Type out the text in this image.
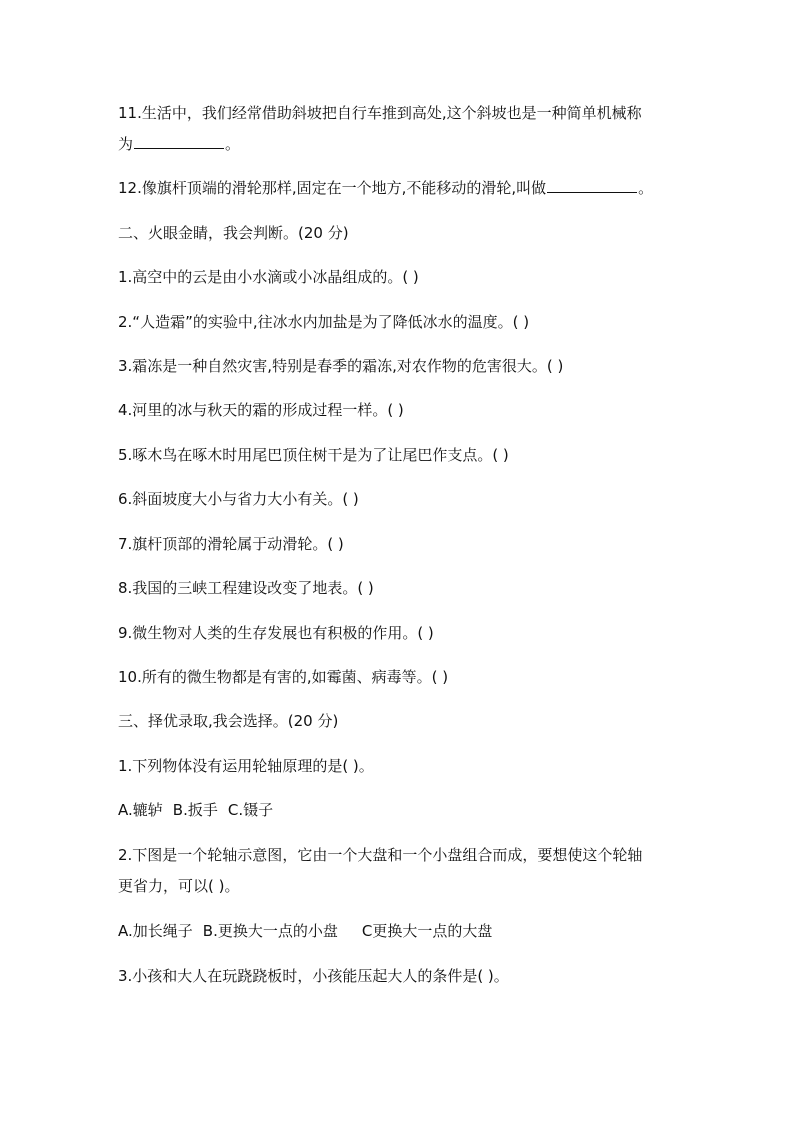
11.生活中，我们经常借助斜坡把自行车推到高处,这个斜坡也是一种简单机械称
为	。
12.像旗杆顶端的滑轮那样,固定在一个地方,不能移动的滑轮,叫做	。
二、火眼金睛，我会判断。(20 分)
1.高空中的云是由小水滴或小冰晶组成的。( )
2.“人造霜”的实验中,往冰水内加盐是为了降低冰水的温度。( )
3.霜冻是一种自然灾害,特别是春季的霜冻,对农作物的危害很大。( )
4.河里的冰与秋天的霜的形成过程一样。( )
5.啄木鸟在啄木时用尾巴顶住树干是为了让尾巴作支点。( )
6.斜面坡度大小与省力大小有关。( )
7.旗杆顶部的滑轮属于动滑轮。( )
8.我国的三峡工程建设改变了地表。( )
9.微生物对人类的生存发展也有积极的作用。( )
10.所有的微生物都是有害的,如霉菌、病毒等。( )
三、择优录取,我会选择。(20 分)
1.下列物体没有运用轮轴原理的是( )。
A.辘轳 B.扳手 C.镊子
2.下图是一个轮轴示意图，它由一个大盘和一个小盘组合而成，要想使这个轮轴
更省力，可以( )。
A.加长绳子 B.更换大一点的小盘 C更换大一点的大盘
3.小孩和大人在玩跷跷板时，小孩能压起大人的条件是( )。
